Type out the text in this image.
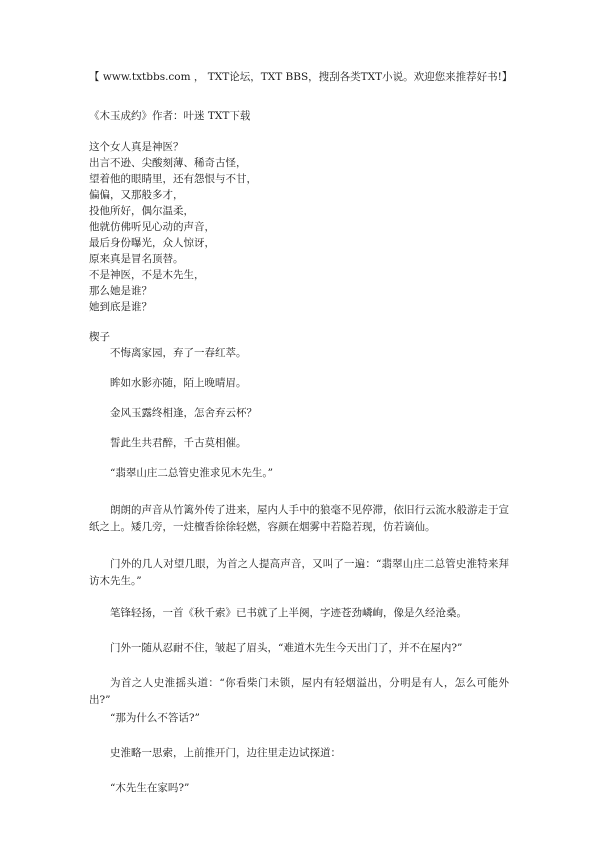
【 www.txtbbs.com ， TXT论坛，TXT BBS，搜刮各类TXT小说。欢迎您来推荐好书!】
《木玉成约》作者：叶迷 TXT下载
这个女人真是神医？
出言不逊、尖酸刻薄、稀奇古怪，
望着他的眼睛里，还有怨恨与不甘，
偏偏，又那般多才，
投他所好，偶尔温柔，
他就仿佛听见心动的声音，
最后身份曝光，众人惊讶，
原来真是冒名顶替。
不是神医，不是木先生，
那么她是谁？
她到底是谁？
楔子
不悔离家园，弃了一春红萃。
眸如水影亦随，陌上晚晴眉。
金风玉露终相逢，怎舍弃云杯？
誓此生共君醉，千古莫相催。
“翡翠山庄二总管史淮求见木先生。”
朗朗的声音从竹篱外传了进来，屋内人手中的狼毫不见停滞，依旧行云流水般游走于宣纸之上。矮几旁，一炷檀香徐徐轻燃，容颜在烟雾中若隐若现，仿若谪仙。
门外的几人对望几眼，为首之人提高声音，又叫了一遍：“翡翠山庄二总管史淮特来拜访木先生。”
笔锋轻扬，一首《秋千索》已书就了上半阕，字迹苍劲嶙峋，像是久经沧桑。
门外一随从忍耐不住，皱起了眉头，“难道木先生今天出门了，并不在屋内?”
为首之人史淮摇头道：“你看柴门未锁，屋内有轻烟溢出，分明是有人，怎么可能外出?”
“那为什么不答话?”
史淮略一思索，上前推开门，边往里走边试探道：
“木先生在家吗?”
